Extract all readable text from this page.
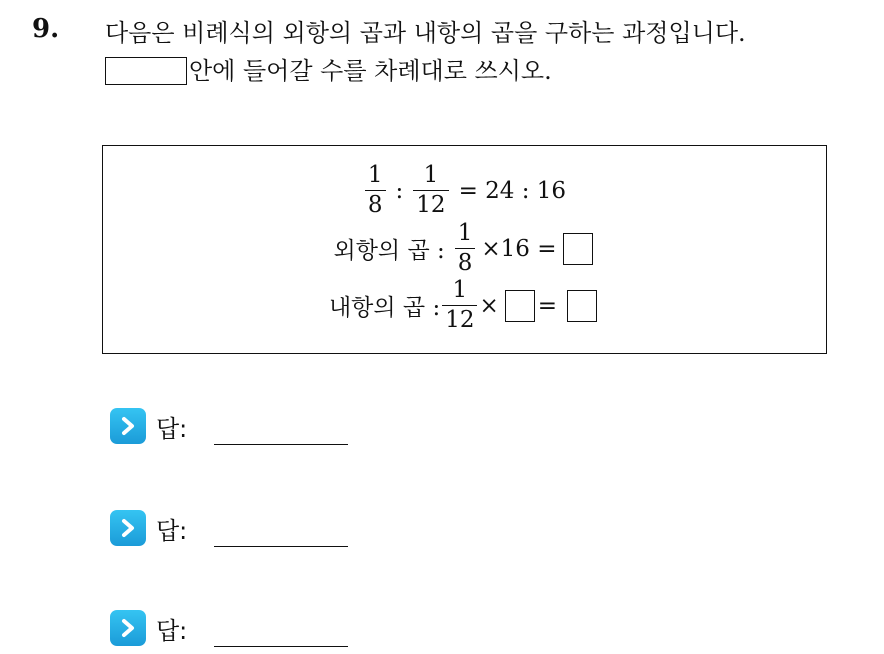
9. 다음은 비례식의 외항의 곱과 내항의 곱을 구하는 과정입니다.
안에 들어갈 수를 차례대로 쓰시오.
$\frac{1}{8}$ : $\frac{1}{12} = 24$ : 16
외항의 곱 : $\frac{1}{8} \times 16$ =
내항의 곱 : $\frac{1}{12}$ × =
답:
답:
답:
